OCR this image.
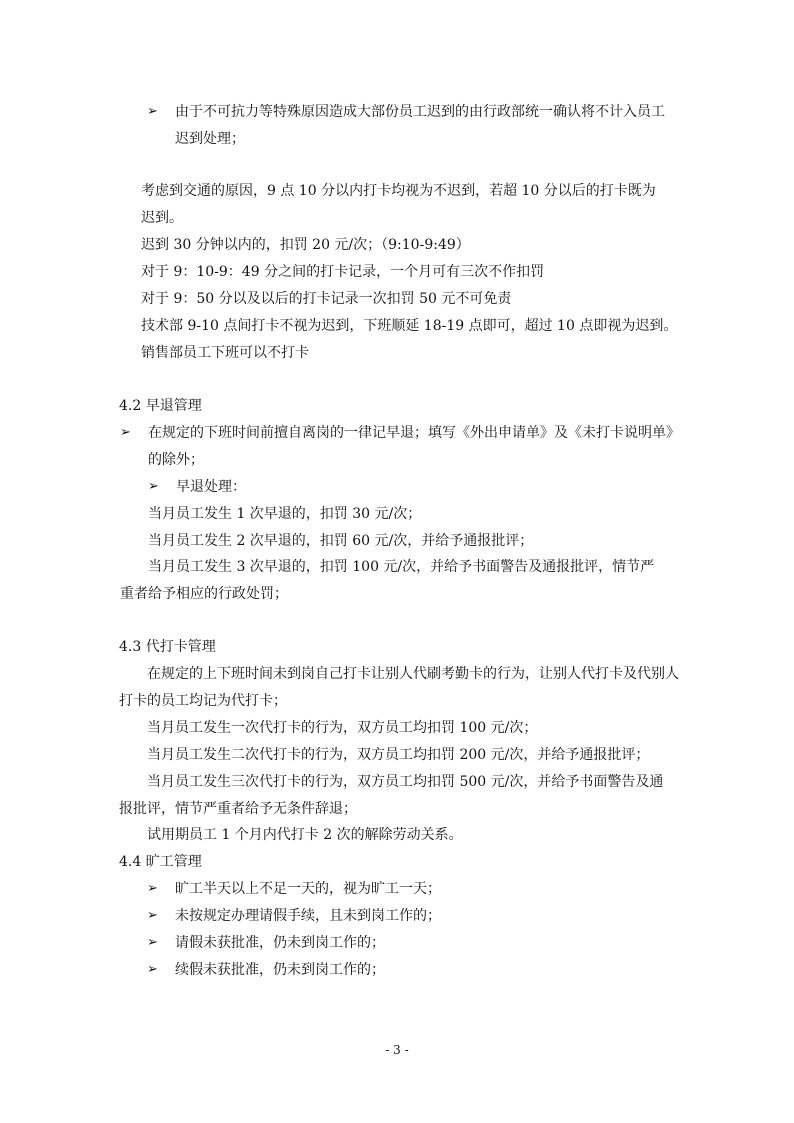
➢ 由于不可抗力等特殊原因造成大部份员工迟到的由行政部统一确认将不计入员工
迟到处理；
考虑到交通的原因，9 点 10 分以内打卡均视为不迟到，若超 10 分以后的打卡既为
迟到。
迟到 30 分钟以内的，扣罚 20 元/次；（9:10-9:49）
对于 9：10-9：49 分之间的打卡记录，一个月可有三次不作扣罚
对于 9：50 分以及以后的打卡记录一次扣罚 50 元不可免责
技术部 9-10 点间打卡不视为迟到，下班顺延 18-19 点即可，超过 10 点即视为迟到。
销售部员工下班可以不打卡
4.2 早退管理
➢ 在规定的下班时间前擅自离岗的一律记早退；填写《外出申请单》及《未打卡说明单》
的除外；
➢ 早退处理：
当月员工发生 1 次早退的，扣罚 30 元/次；
当月员工发生 2 次早退的，扣罚 60 元/次，并给予通报批评；
当月员工发生 3 次早退的，扣罚 100 元/次，并给予书面警告及通报批评，情节严
重者给予相应的行政处罚；
4.3 代打卡管理
在规定的上下班时间未到岗自己打卡让别人代刷考勤卡的行为，让别人代打卡及代别人
打卡的员工均记为代打卡；
当月员工发生一次代打卡的行为，双方员工均扣罚 100 元/次；
当月员工发生二次代打卡的行为，双方员工均扣罚 200 元/次，并给予通报批评；
当月员工发生三次代打卡的行为，双方员工均扣罚 500 元/次，并给予书面警告及通
报批评，情节严重者给予无条件辞退；
试用期员工 1 个月内代打卡 2 次的解除劳动关系。
4.4 旷工管理
➢ 旷工半天以上不足一天的，视为旷工一天；
➢ 未按规定办理请假手续，且未到岗工作的；
➢ 请假未获批准，仍未到岗工作的；
➢ 续假未获批准，仍未到岗工作的；
- 3 -
